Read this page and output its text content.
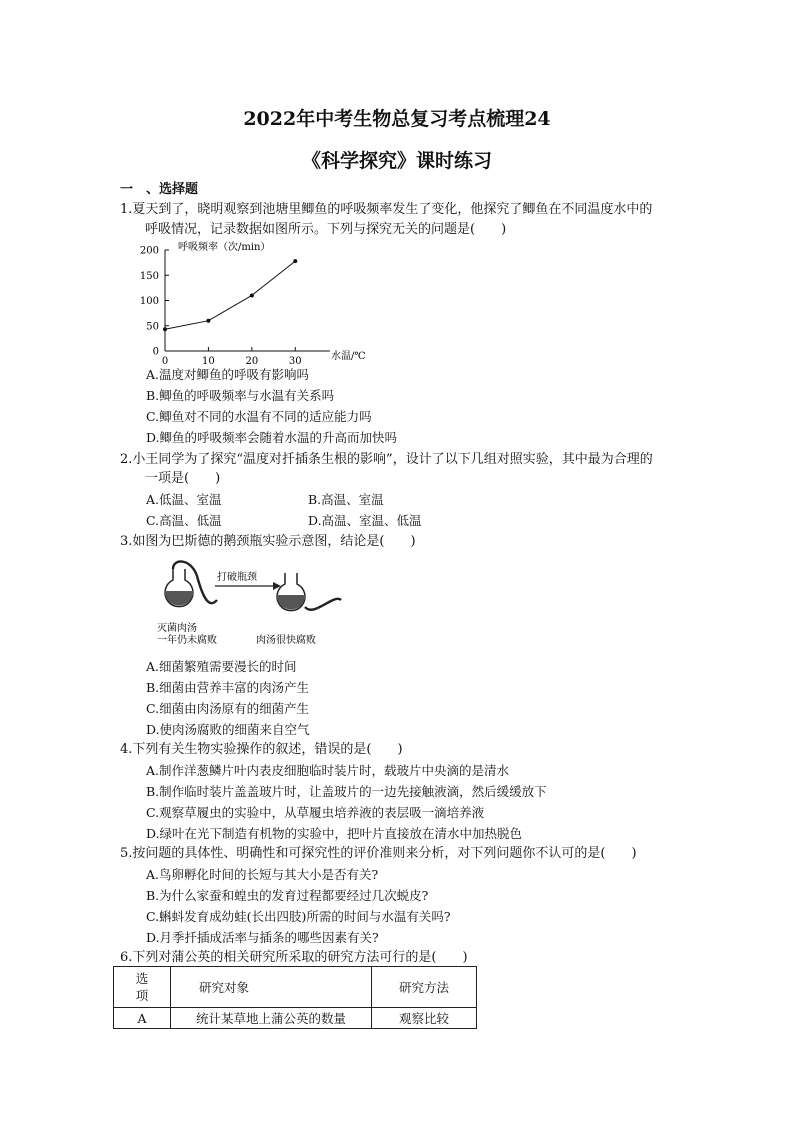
2022年中考生物总复习考点梳理24
《科学探究》课时练习
一　、选择题
1.夏天到了，晓明观察到池塘里鲫鱼的呼吸频率发生了变化，他探究了鲫鱼在不同温度水中的
呼吸情况，记录数据如图所示。下列与探究无关的问题是(　　)
呼吸频率（次/min）
0
50
100
150
200
0	10	20	30	水温/℃
A.温度对鲫鱼的呼吸有影响吗
B.鲫鱼的呼吸频率与水温有关系吗
C.鲫鱼对不同的水温有不同的适应能力吗
D.鲫鱼的呼吸频率会随着水温的升高而加快吗
2.小王同学为了探究“温度对扦插条生根的影响”，设计了以下几组对照实验，其中最为合理的
一项是(　　)
A.低温、室温	B.高温、室温
C.高温、低温	D.高温、室温、低温
3.如图为巴斯德的鹅颈瓶实验示意图，结论是(　　)
打破瓶颈
灭菌肉汤
一年仍未腐败	肉汤很快腐败
A.细菌繁殖需要漫长的时间
B.细菌由营养丰富的肉汤产生
C.细菌由肉汤原有的细菌产生
D.使肉汤腐败的细菌来自空气
4.下列有关生物实验操作的叙述，错误的是(　　)
A.制作洋葱鳞片叶内表皮细胞临时装片时，载玻片中央滴的是清水
B.制作临时装片盖盖玻片时，让盖玻片的一边先接触液滴，然后缓缓放下
C.观察草履虫的实验中，从草履虫培养液的表层吸一滴培养液
D.绿叶在光下制造有机物的实验中，把叶片直接放在清水中加热脱色
5.按问题的具体性、明确性和可探究性的评价准则来分析，对下列问题你不认可的是(　　)
A.鸟卵孵化时间的长短与其大小是否有关?
B.为什么家蚕和蝗虫的发育过程都要经过几次蜕皮?
C.蝌蚪发育成幼蛙(长出四肢)所需的时间与水温有关吗?
D.月季扦插成活率与插条的哪些因素有关?
6.下列对蒲公英的相关研究所采取的研究方法可行的是(　　)
选
项	研究对象	研究方法
A	统计某草地上蒲公英的数量	观察比较
